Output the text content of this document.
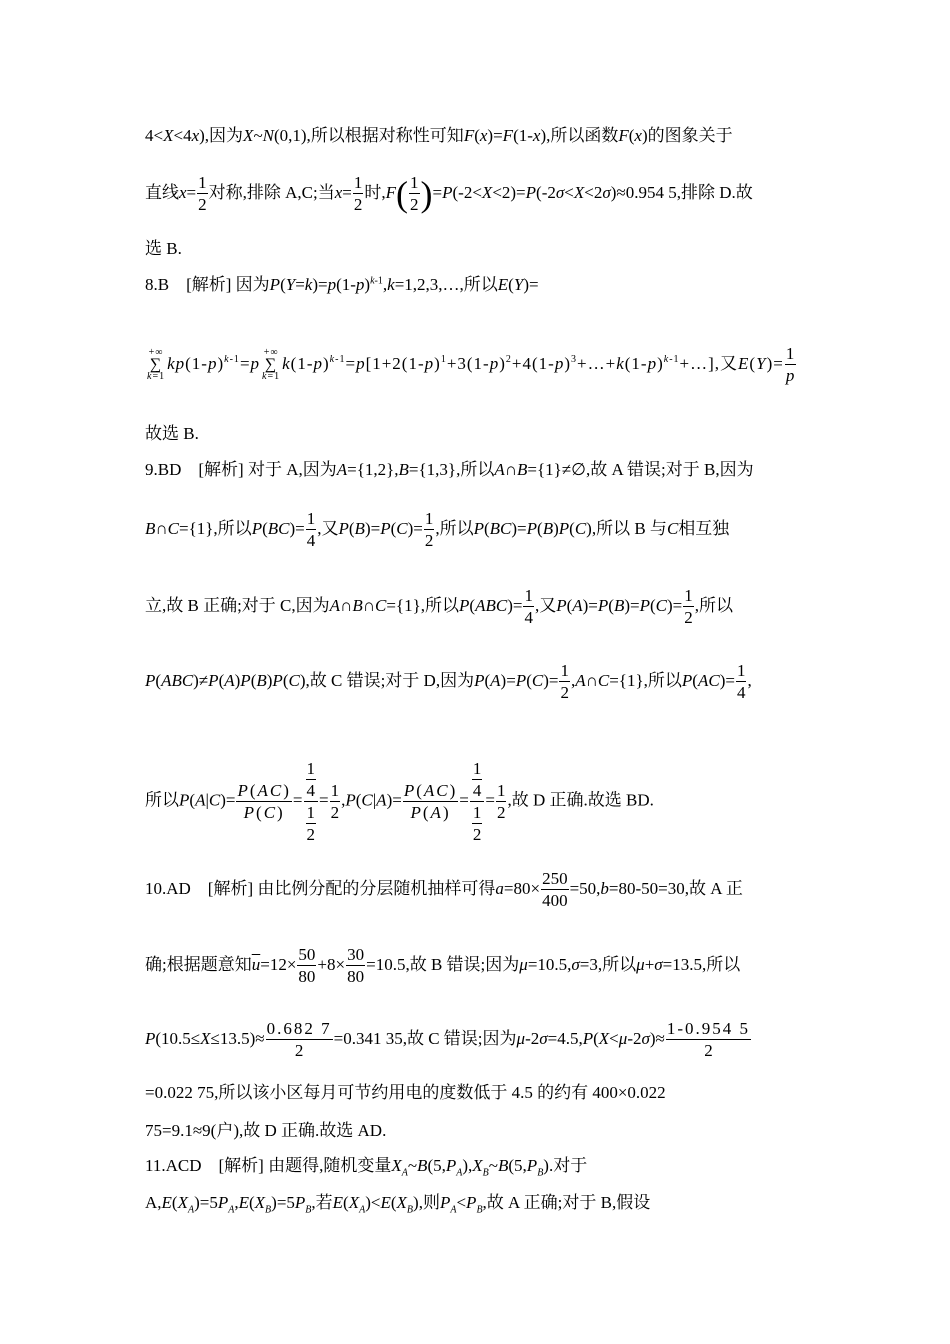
4<X<4x),因为X~N(0,1),所以根据对称性可知F(x)=F(1-x),所以函数F(x)的图象关于
直线$x= \frac{1}{2}$ 对称,排除 A,C;当$x= \frac{1}{2}$ 时$,F( \frac{1}{2} )=P(-2<X<2)=P(-2\sigma<X<2\sigma)\approx 0.954$ 5,排除 D.故
选 B.
8.B　[解析] 因为$P(Y=k)=p(1-p)^{k-1},k=1,2,3,\dots$,所以E(Y)=
+∞
∑
$k=1kp(1-p)^{k-1}=p+\infty$
∑
$k=1k(1-p)^{k-1}=p[1+2(1-p)^1+3(1-p)^2+4(1-p)^3+\dots+k(1-p)^{k-1}+\dots]$,又$E(Y)= \frac{1}{p}$
故选 B.
9.BD　[解析] 对于 A,因为A={1,2},B={1,3},所以A∩B={1}≠∅,故 A 错误;对于 B,因为
B∩C={1},所以$P(BC)= \frac{1}{4}$ ,又$P(B)=P(C)= \frac{1}{2}$ ,所以P(BC)=P(B)P(C),所以 B 与C相互独
立,故 B 正确;对于 C,因为A∩B∩C={1},所以$P(ABC)= \frac{1}{4}$ ,又$P(A)=P(B)=P(C)= \frac{1}{2}$ ,所以
P(ABC)≠P(A)P(B)P(C),故 C 错误;对于 D,因为$P(A)=P(C)= \frac{1}{2}$ ,A∩C={1},所以$P(AC)= \frac{1}{4}$ ,
所以$P(A|C)= \frac{P(AC)}{P(C)} = \frac{\frac{1}{4}}{\frac{1}{2}} = \frac{1}{2} ,P(C|A)= \frac{P(AC)}{P(A)} = \frac{\frac{1}{4}}{\frac{1}{2}} = \frac{1}{2}$ ,故 D 正确.故选 BD.
10.AD　[解析] 由比例分配的分层随机抽样可得$a=80\times \frac{250}{400} =50,b=80-50=30$,故 A 正
确;根据题意知$\overline{u}=12\times \frac{50}{80} +8\times \frac{30}{80} =10.5$,故 B 错误;因为μ=10.5,σ=3,所以μ+σ=13.5,所以
$P(10.5\le X\le 13.5)\approx \frac{0.682 7}{2} =0.341$ 35,故 C 错误;因为$\mu-2\sigma=4.5,P(X<\mu-2\sigma)\approx \frac{1-0.954 5}{2}$
=0.022 75,所以该小区每月可节约用电的度数低于 4.5 的约有 400×0.022
75=9.1≈9(户),故 D 正确.故选 AD.
11.ACD　[解析] 由题得,随机变量$X_A\sim B(5,P_A),X_B\sim B(5,P_B)$.对于
$A,E(X_A)=5P_A,E(X_B)=5P_B$,若$E(X_A)<E(X_B)$,则$P_A<P_B$,故 A 正确;对于 B,假设
